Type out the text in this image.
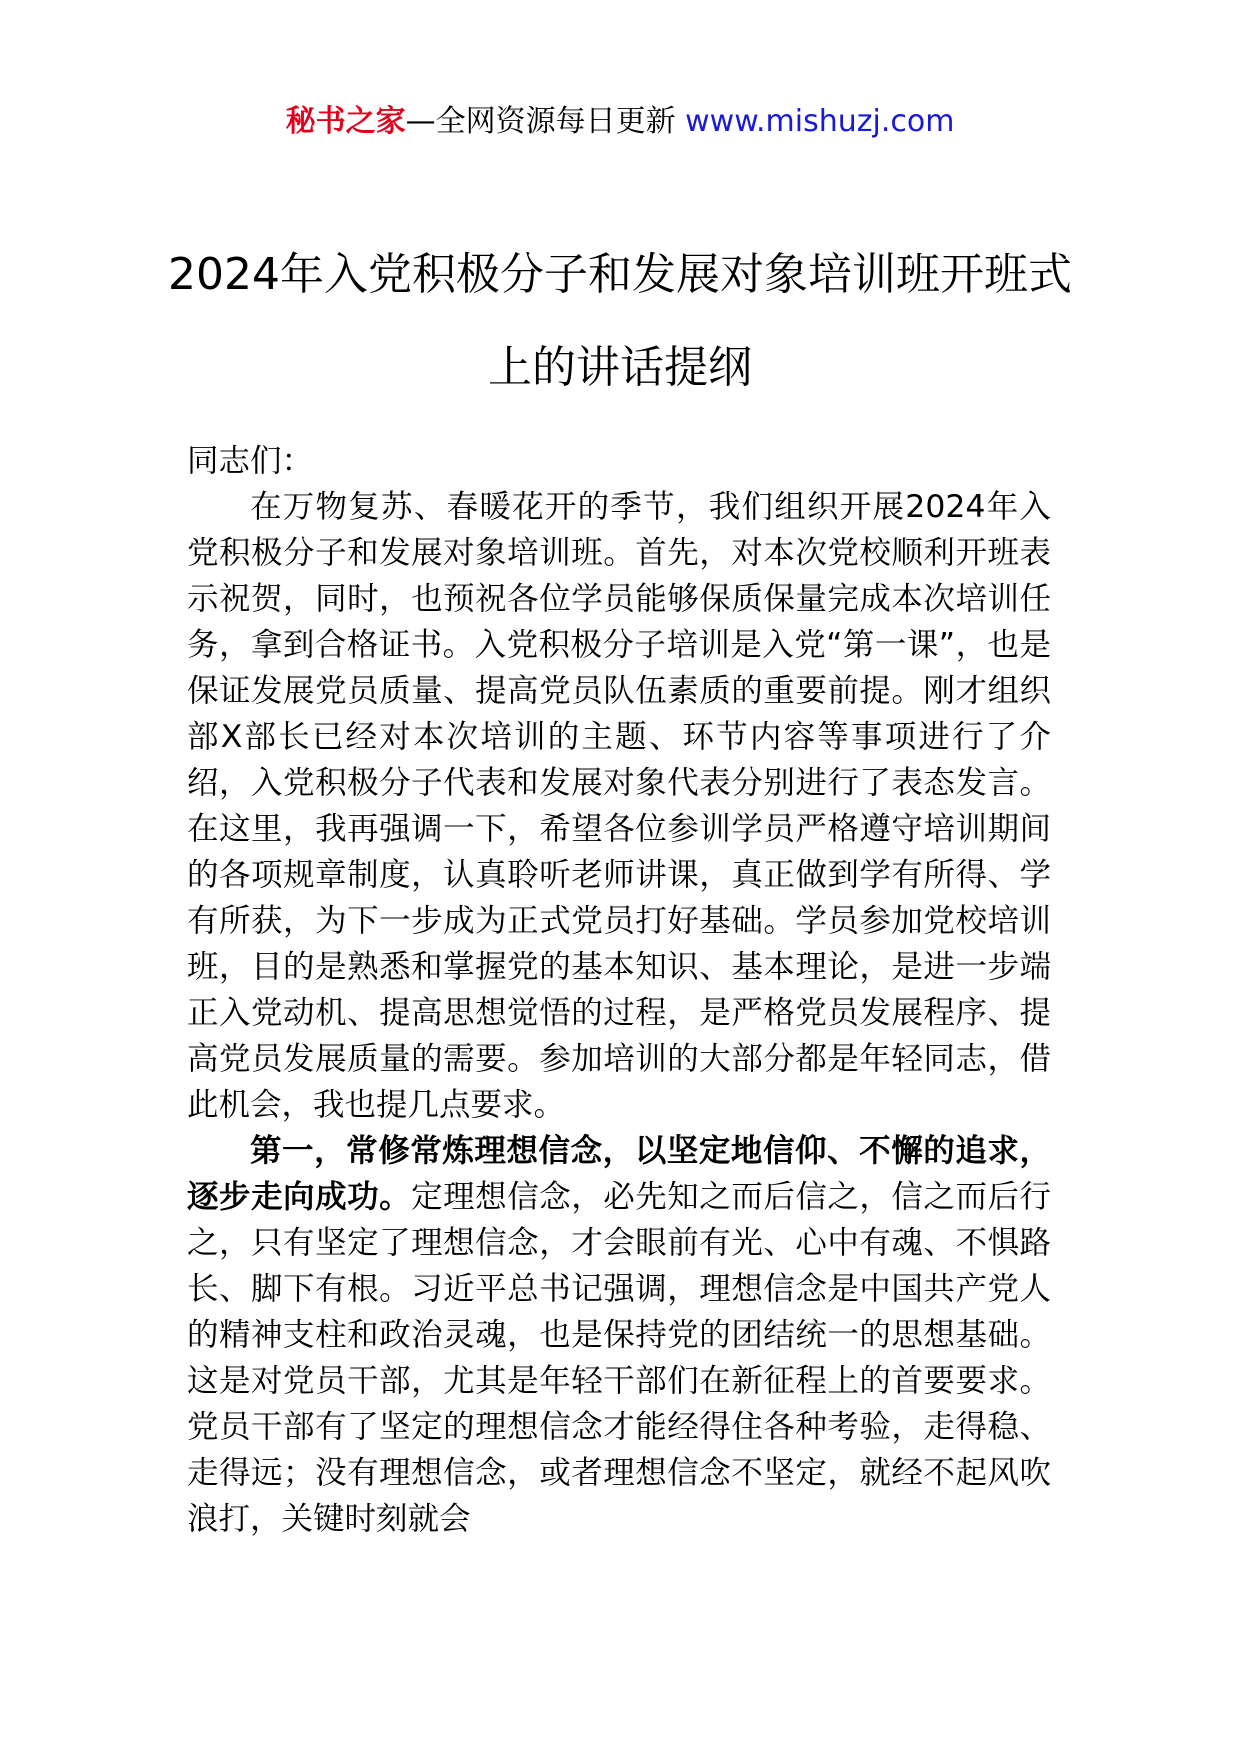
秘书之家—全网资源每日更新 www.mishuzj.com
2024年入党积极分子和发展对象培训班开班式上的讲话提纲

同志们：

在万物复苏、春暖花开的季节，我们组织开展2024年入党积极分子和发展对象培训班。首先，对本次党校顺利开班表示祝贺，同时，也预祝各位学员能够保质保量完成本次培训任务，拿到合格证书。入党积极分子培训是入党“第一课”，也是保证发展党员质量、提高党员队伍素质的重要前提。刚才组织部X部长已经对本次培训的主题、环节内容等事项进行了介绍，入党积极分子代表和发展对象代表分别进行了表态发言。在这里，我再强调一下，希望各位参训学员严格遵守培训期间的各项规章制度，认真聆听老师讲课，真正做到学有所得、学有所获，为下一步成为正式党员打好基础。学员参加党校培训班，目的是熟悉和掌握党的基本知识、基本理论，是进一步端正入党动机、提高思想觉悟的过程，是严格党员发展程序、提高党员发展质量的需要。参加培训的大部分都是年轻同志，借此机会，我也提几点要求。

第一，常修常炼理想信念，以坚定地信仰、不懈的追求，逐步走向成功。定理想信念，必先知之而后信之，信之而后行之，只有坚定了理想信念，才会眼前有光、心中有魂、不惧路长、脚下有根。习近平总书记强调，理想信念是中国共产党人的精神支柱和政治灵魂，也是保持党的团结统一的思想基础。这是对党员干部，尤其是年轻干部们在新征程上的首要要求。党员干部有了坚定的理想信念才能经得住各种考验，走得稳、走得远；没有理想信念，或者理想信念不坚定，就经不起风吹浪打，关键时刻就会
